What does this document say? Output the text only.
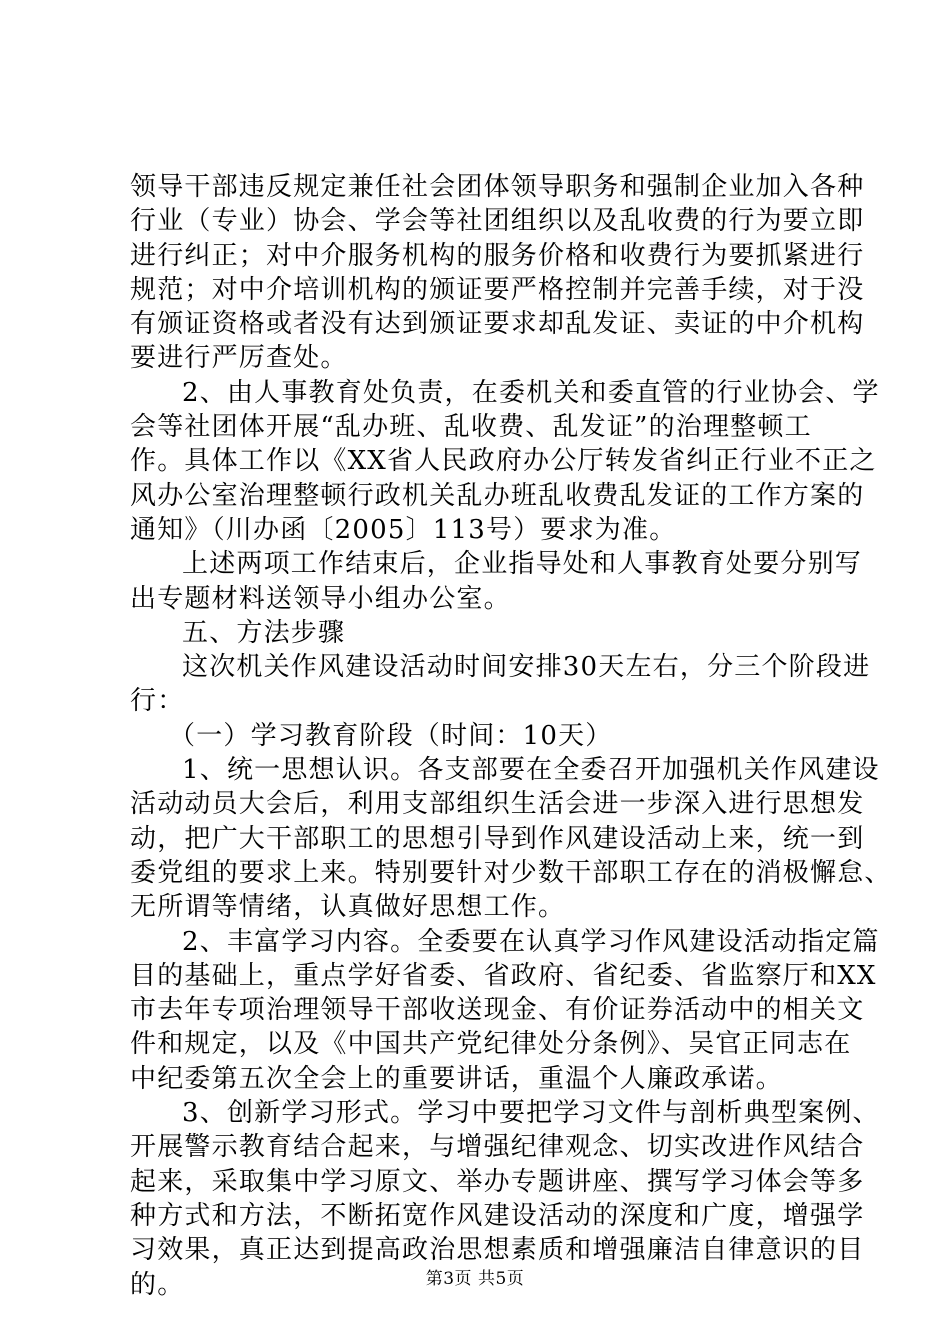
领导干部违反规定兼任社会团体领导职务和强制企业加入各种
行业（专业）协会、学会等社团组织以及乱收费的行为要立即
进行纠正；对中介服务机构的服务价格和收费行为要抓紧进行
规范；对中介培训机构的颁证要严格控制并完善手续，对于没
有颁证资格或者没有达到颁证要求却乱发证、卖证的中介机构
要进行严厉查处。
2、由人事教育处负责，在委机关和委直管的行业协会、学
会等社团体开展“乱办班、乱收费、乱发证”的治理整顿工
作。具体工作以《XX省人民政府办公厅转发省纠正行业不正之
风办公室治理整顿行政机关乱办班乱收费乱发证的工作方案的
通知》（川办函〔2005〕113号）要求为准。
上述两项工作结束后，企业指导处和人事教育处要分别写
出专题材料送领导小组办公室。
五、方法步骤
这次机关作风建设活动时间安排30天左右，分三个阶段进
行：
（一）学习教育阶段（时间：10天）
1、统一思想认识。各支部要在全委召开加强机关作风建设
活动动员大会后，利用支部组织生活会进一步深入进行思想发
动，把广大干部职工的思想引导到作风建设活动上来，统一到
委党组的要求上来。特别要针对少数干部职工存在的消极懈怠、
无所谓等情绪，认真做好思想工作。
2、丰富学习内容。全委要在认真学习作风建设活动指定篇
目的基础上，重点学好省委、省政府、省纪委、省监察厅和XX
市去年专项治理领导干部收送现金、有价证券活动中的相关文
件和规定，以及《中国共产党纪律处分条例》、吴官正同志在
中纪委第五次全会上的重要讲话，重温个人廉政承诺。
3、创新学习形式。学习中要把学习文件与剖析典型案例、
开展警示教育结合起来，与增强纪律观念、切实改进作风结合
起来，采取集中学习原文、举办专题讲座、撰写学习体会等多
种方式和方法，不断拓宽作风建设活动的深度和广度，增强学
习效果，真正达到提高政治思想素质和增强廉洁自律意识的目
的。	第3页 共5页
